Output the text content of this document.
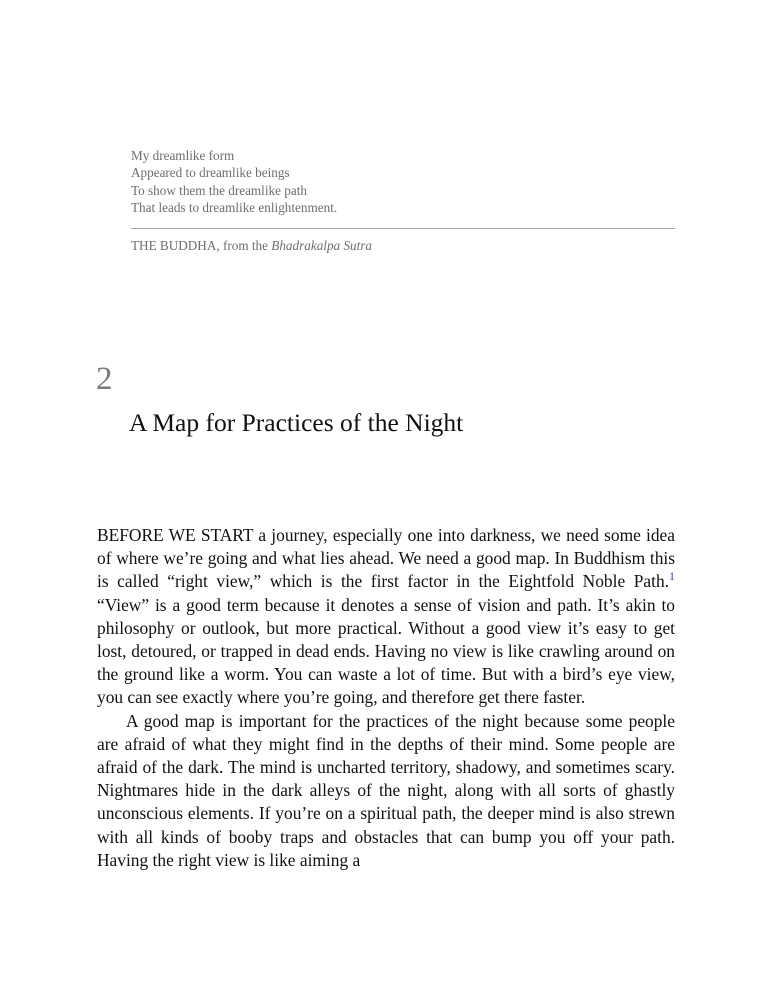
My dreamlike form
Appeared to dreamlike beings
To show them the dreamlike path
That leads to dreamlike enlightenment.
THE BUDDHA, from the Bhadrakalpa Sutra
2
A Map for Practices of the Night

BEFORE WE START a journey, especially one into darkness, we need some idea of where we’re going and what lies ahead. We need a good map. In Buddhism this is called “right view,” which is the first factor in the Eightfold Noble Path.$^1$ “View” is a good term because it denotes a sense of vision and path. It’s akin to philosophy or outlook, but more practical. Without a good view it’s easy to get lost, detoured, or trapped in dead ends. Having no view is like crawling around on the ground like a worm. You can waste a lot of time. But with a bird’s eye view, you can see exactly where you’re going, and therefore get there faster.

A good map is important for the practices of the night because some people are afraid of what they might find in the depths of their mind. Some people are afraid of the dark. The mind is uncharted territory, shadowy, and sometimes scary. Nightmares hide in the dark alleys of the night, along with all sorts of ghastly unconscious elements. If you’re on a spiritual path, the deeper mind is also strewn with all kinds of booby traps and obstacles that can bump you off your path. Having the right view is like aiming a
